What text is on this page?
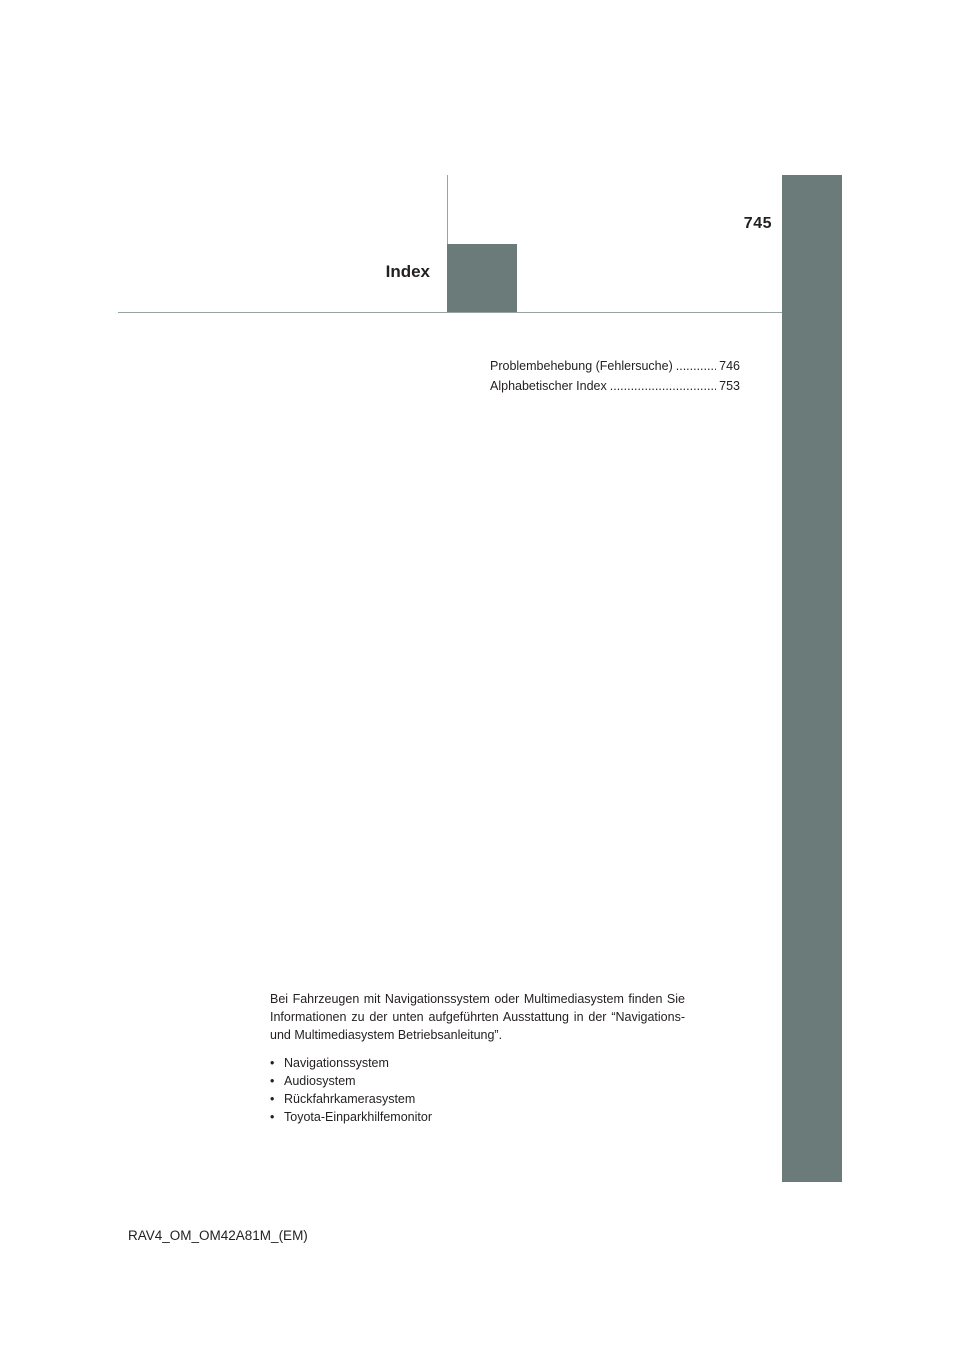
745
Index
Problembehebung (Fehlersuche) .....	746
Alphabetischer Index .....	753

Bei Fahrzeugen mit Navigationssystem oder Multimediasystem finden Sie Informationen zu der unten aufgeführten Ausstattung in der “Navigations- und Multimediasystem Betriebsanleitung”.

• Navigationssystem
• Audiosystem
• Rückfahrkamerasystem
• Toyota-Einparkhilfemonitor
RAV4_OM_OM42A81M_(EM)
